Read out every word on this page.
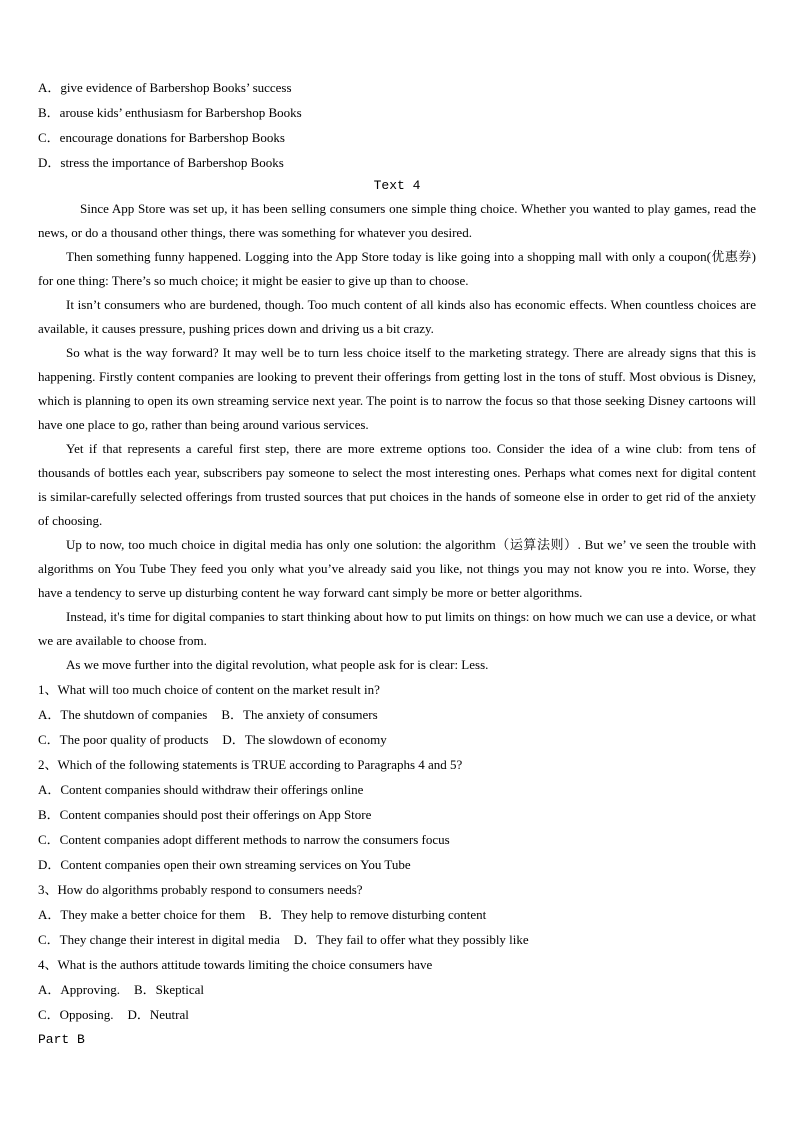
A．give evidence of Barbershop Books’ success
B．arouse kids’ enthusiasm for Barbershop Books
C．encourage donations for Barbershop Books
D．stress the importance of Barbershop Books
Text 4

Since App Store was set up, it has been selling consumers one simple thing choice. Whether you wanted to play games, read the news, or do a thousand other things, there was something for whatever you desired.

Then something funny happened. Logging into the App Store today is like going into a shopping mall with only a coupon(优惠券) for one thing: There’s so much choice; it might be easier to give up than to choose.

It isn’t consumers who are burdened, though. Too much content of all kinds also has economic effects. When countless choices are available, it causes pressure, pushing prices down and driving us a bit crazy.

So what is the way forward? It may well be to turn less choice itself to the marketing strategy. There are already signs that this is happening. Firstly content companies are looking to prevent their offerings from getting lost in the tons of stuff. Most obvious is Disney, which is planning to open its own streaming service next year. The point is to narrow the focus so that those seeking Disney cartoons will have one place to go, rather than being around various services.

Yet if that represents a careful first step, there are more extreme options too. Consider the idea of a wine club: from tens of thousands of bottles each year, subscribers pay someone to select the most interesting ones. Perhaps what comes next for digital content is similar-carefully selected offerings from trusted sources that put choices in the hands of someone else in order to get rid of the anxiety of choosing.

Up to now, too much choice in digital media has only one solution: the algorithm（运算法则）. But we’ ve seen the trouble with algorithms on You Tube They feed you only what you’ve already said you like, not things you may not know you re into. Worse, they have a tendency to serve up disturbing content he way forward cant simply be more or better algorithms.

Instead, it's time for digital companies to start thinking about how to put limits on things: on how much we can use a device, or what we are available to choose from.

As we move further into the digital revolution, what people ask for is clear: Less.

1、What will too much choice of content on the market result in?
A．The shutdown of companies B．The anxiety of consumers
C．The poor quality of products D．The slowdown of economy
2、Which of the following statements is TRUE according to Paragraphs 4 and 5?
A．Content companies should withdraw their offerings online
B．Content companies should post their offerings on App Store
C．Content companies adopt different methods to narrow the consumers focus
D．Content companies open their own streaming services on You Tube
3、How do algorithms probably respond to consumers needs?
A．They make a better choice for them B．They help to remove disturbing content
C．They change their interest in digital media D．They fail to offer what they possibly like
4、What is the authors attitude towards limiting the choice consumers have
A．Approving. B．Skeptical
C．Opposing. D．Neutral
Part B
